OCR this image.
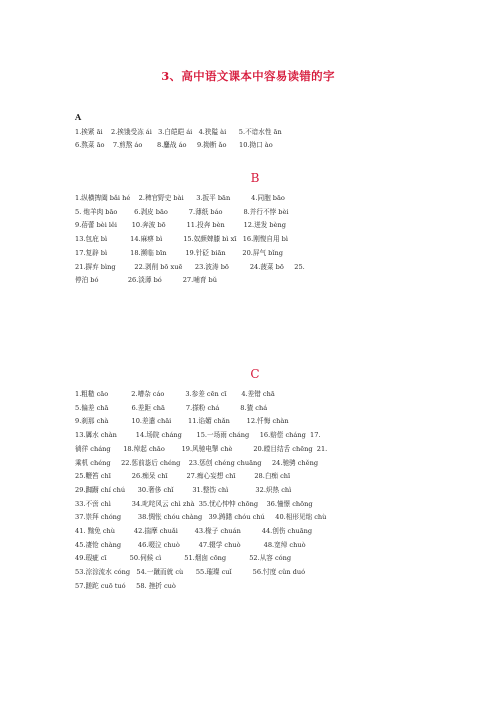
3、高中语文课本中容易读错的字
A
1.挨紧 āi    2.挨饿受冻 ái   3.白皑皑 ái   4.狭隘 ài      5.不谙水性 ān
6.熬菜 āo    7.煎熬 áo       8.鏖战 áo     9.拗断 ǎo      10.拗口 ào
B
1.纵横捭阖 bǎi hé    2.稗官野史 bài      3.扳平 bān          4.同胞 bāo
5. 炮羊肉 bāo        6.剥皮 bāo          7.薄纸 báo          8.并行不悖 bèi
9.蓓蕾 bèi lěi       10.奔波 bō          11.投奔 bèn         12.迸发 bèng
13.包庇 bì           14.麻痹 bì          15.奴颜婢膝 bì xī   16.刚愎自用 bì
17.复辟 bì           18.濒临 bīn         19.针砭 biān        20.屏气 bǐng
21.摒弃 bìng         22.剥削 bō xuē      23.波涛 bō          24.菠菜 bō     25.
停泊 bó              26.淡薄 bó          27.哺育 bǔ
C
1.粗糙 cāo           2.嘈杂 cáo          3.参差 cēn cī       4.差错 chā
5.偏差 chā           6.差距 chā          7.搽粉 chá          8.猹 chá
9.刹那 chà           10.差遣 chāi        11.谄媚 chǎn        12.忏悔 chàn
13.羼水 chàn         14.场院 cháng       15.一场雨 cháng     16.赔偿 cháng  17.
徜徉 cháng      18.绰起 chāo        19.风驰电掣 chè          20.瞠目结舌 chēng  21.
乘机 chéng     22.惩前毖后 chéng    23.惩创 chéng chuāng     24.驰骋 chěng
25.鞭笞 chī          26.痴呆 chī         27.痴心妄想 chī         28.白痴 chī
29.踟蹰 chí chú      30.奢侈 chǐ         31.整饬 chì             32.炽热 chì
33.不啻 chì          34.叱咤风云 chì zhà  35.忧心忡忡 chōng    36.憧憬 chōng
37.崇拜 chóng        38.惆怅 chóu chàng   39.踌躇 chóu chú     40.相形见绌 chù
41. 黜免 chù         42.揣摩 chuǎi        43.椽子 chuán          44.创伤 chuāng
45.凄怆 chàng        46.啜泣 chuò         47.辍学 chuò           48.宽绰 chuò
49.瑕疵 cī           50.伺候 cì           51.烟囱 cōng           52.从容 cóng
53.淙淙流水 cóng   54.一蹴而就 cù      55.璀璨 cuǐ          56.忖度 cǔn duó
57.蹉跎 cuō tuó     58. 挫折 cuò
